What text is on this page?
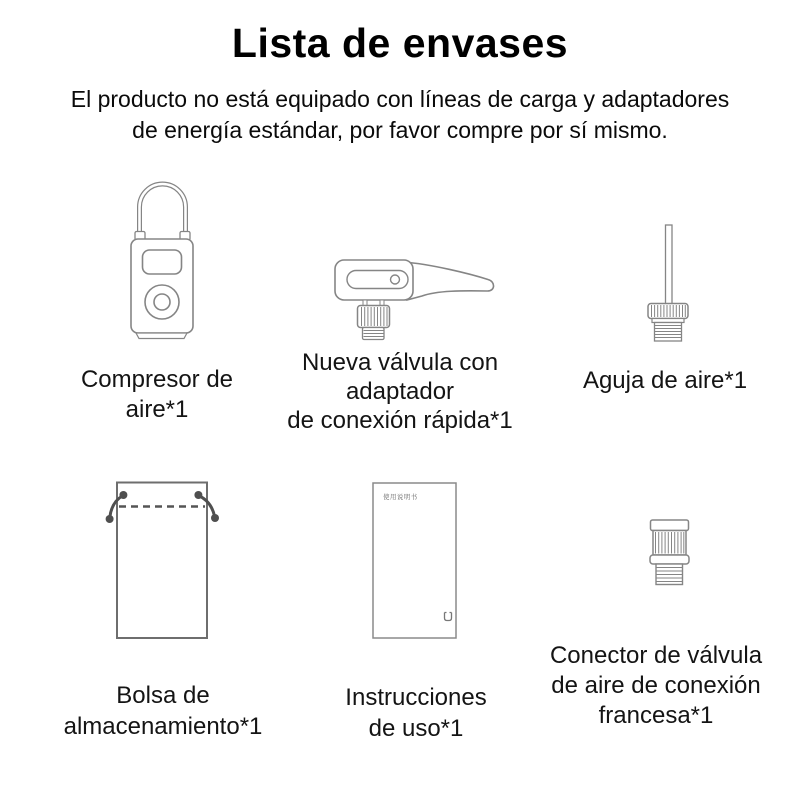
Lista de envases
El producto no está equipado con líneas de carga y adaptadores
de energía estándar, por favor compre por sí mismo.
使用说明书
Compresor de
aire*1
Nueva válvula con
adaptador
de conexión rápida*1
Aguja de aire*1
Bolsa de
almacenamiento*1
Instrucciones
de uso*1
Conector de válvula
de aire de conexión
francesa*1
